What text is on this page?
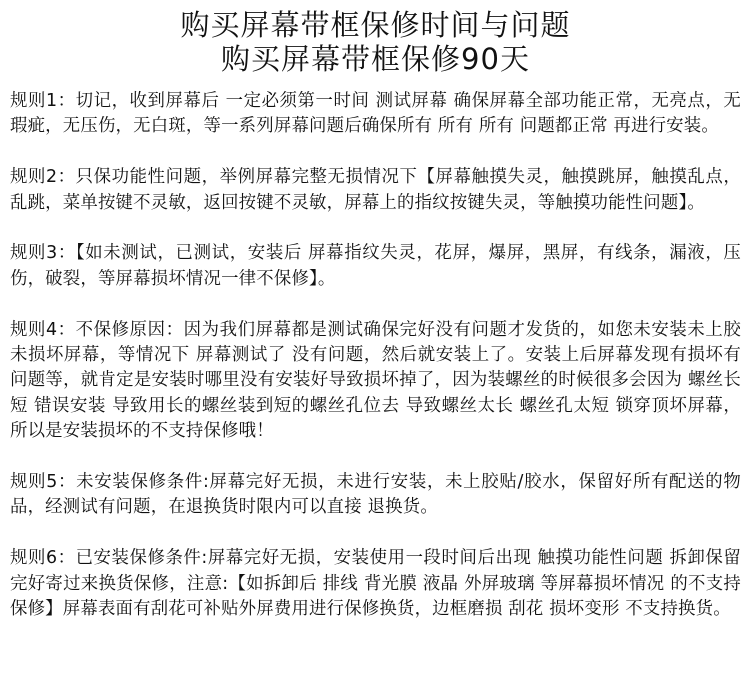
购买屏幕带框保修时间与问题
购买屏幕带框保修90天

规则1：切记，收到屏幕后 一定必须第一时间 测试屏幕 确保屏幕全部功能正常，无亮点，无瑕疵，无压伤，无白斑，等一系列屏幕问题后确保所有 所有 所有 问题都正常 再进行安装。

规则2：只保功能性问题，举例屏幕完整无损情况下【屏幕触摸失灵，触摸跳屏，触摸乱点，乱跳，菜单按键不灵敏，返回按键不灵敏，屏幕上的指纹按键失灵，等触摸功能性问题】。

规则3：【如未测试，已测试，安装后 屏幕指纹失灵，花屏，爆屏，黑屏，有线条，漏液，压伤，破裂，等屏幕损坏情况一律不保修】。

规则4：不保修原因：因为我们屏幕都是测试确保完好没有问题才发货的，如您未安装未上胶 未损坏屏幕，等情况下 屏幕测试了 没有问题，然后就安装上了。安装上后屏幕发现有损坏有问题等，就肯定是安装时哪里没有安装好导致损坏掉了，因为装螺丝的时候很多会因为 螺丝长短 错误安装 导致用长的螺丝装到短的螺丝孔位去 导致螺丝太长 螺丝孔太短 锁穿顶坏屏幕，所以是安装损坏的不支持保修哦！

规则5：未安装保修条件:屏幕完好无损，未进行安装，未上胶贴/胶水，保留好所有配送的物品，经测试有问题，在退换货时限内可以直接 退换货。

规则6：已安装保修条件:屏幕完好无损，安装使用一段时间后出现 触摸功能性问题 拆卸保留完好寄过来换货保修，注意:【如拆卸后 排线 背光膜 液晶 外屏玻璃 等屏幕损坏情况 的不支持保修】屏幕表面有刮花可补贴外屏费用进行保修换货，边框磨损 刮花 损坏变形 不支持换货。
